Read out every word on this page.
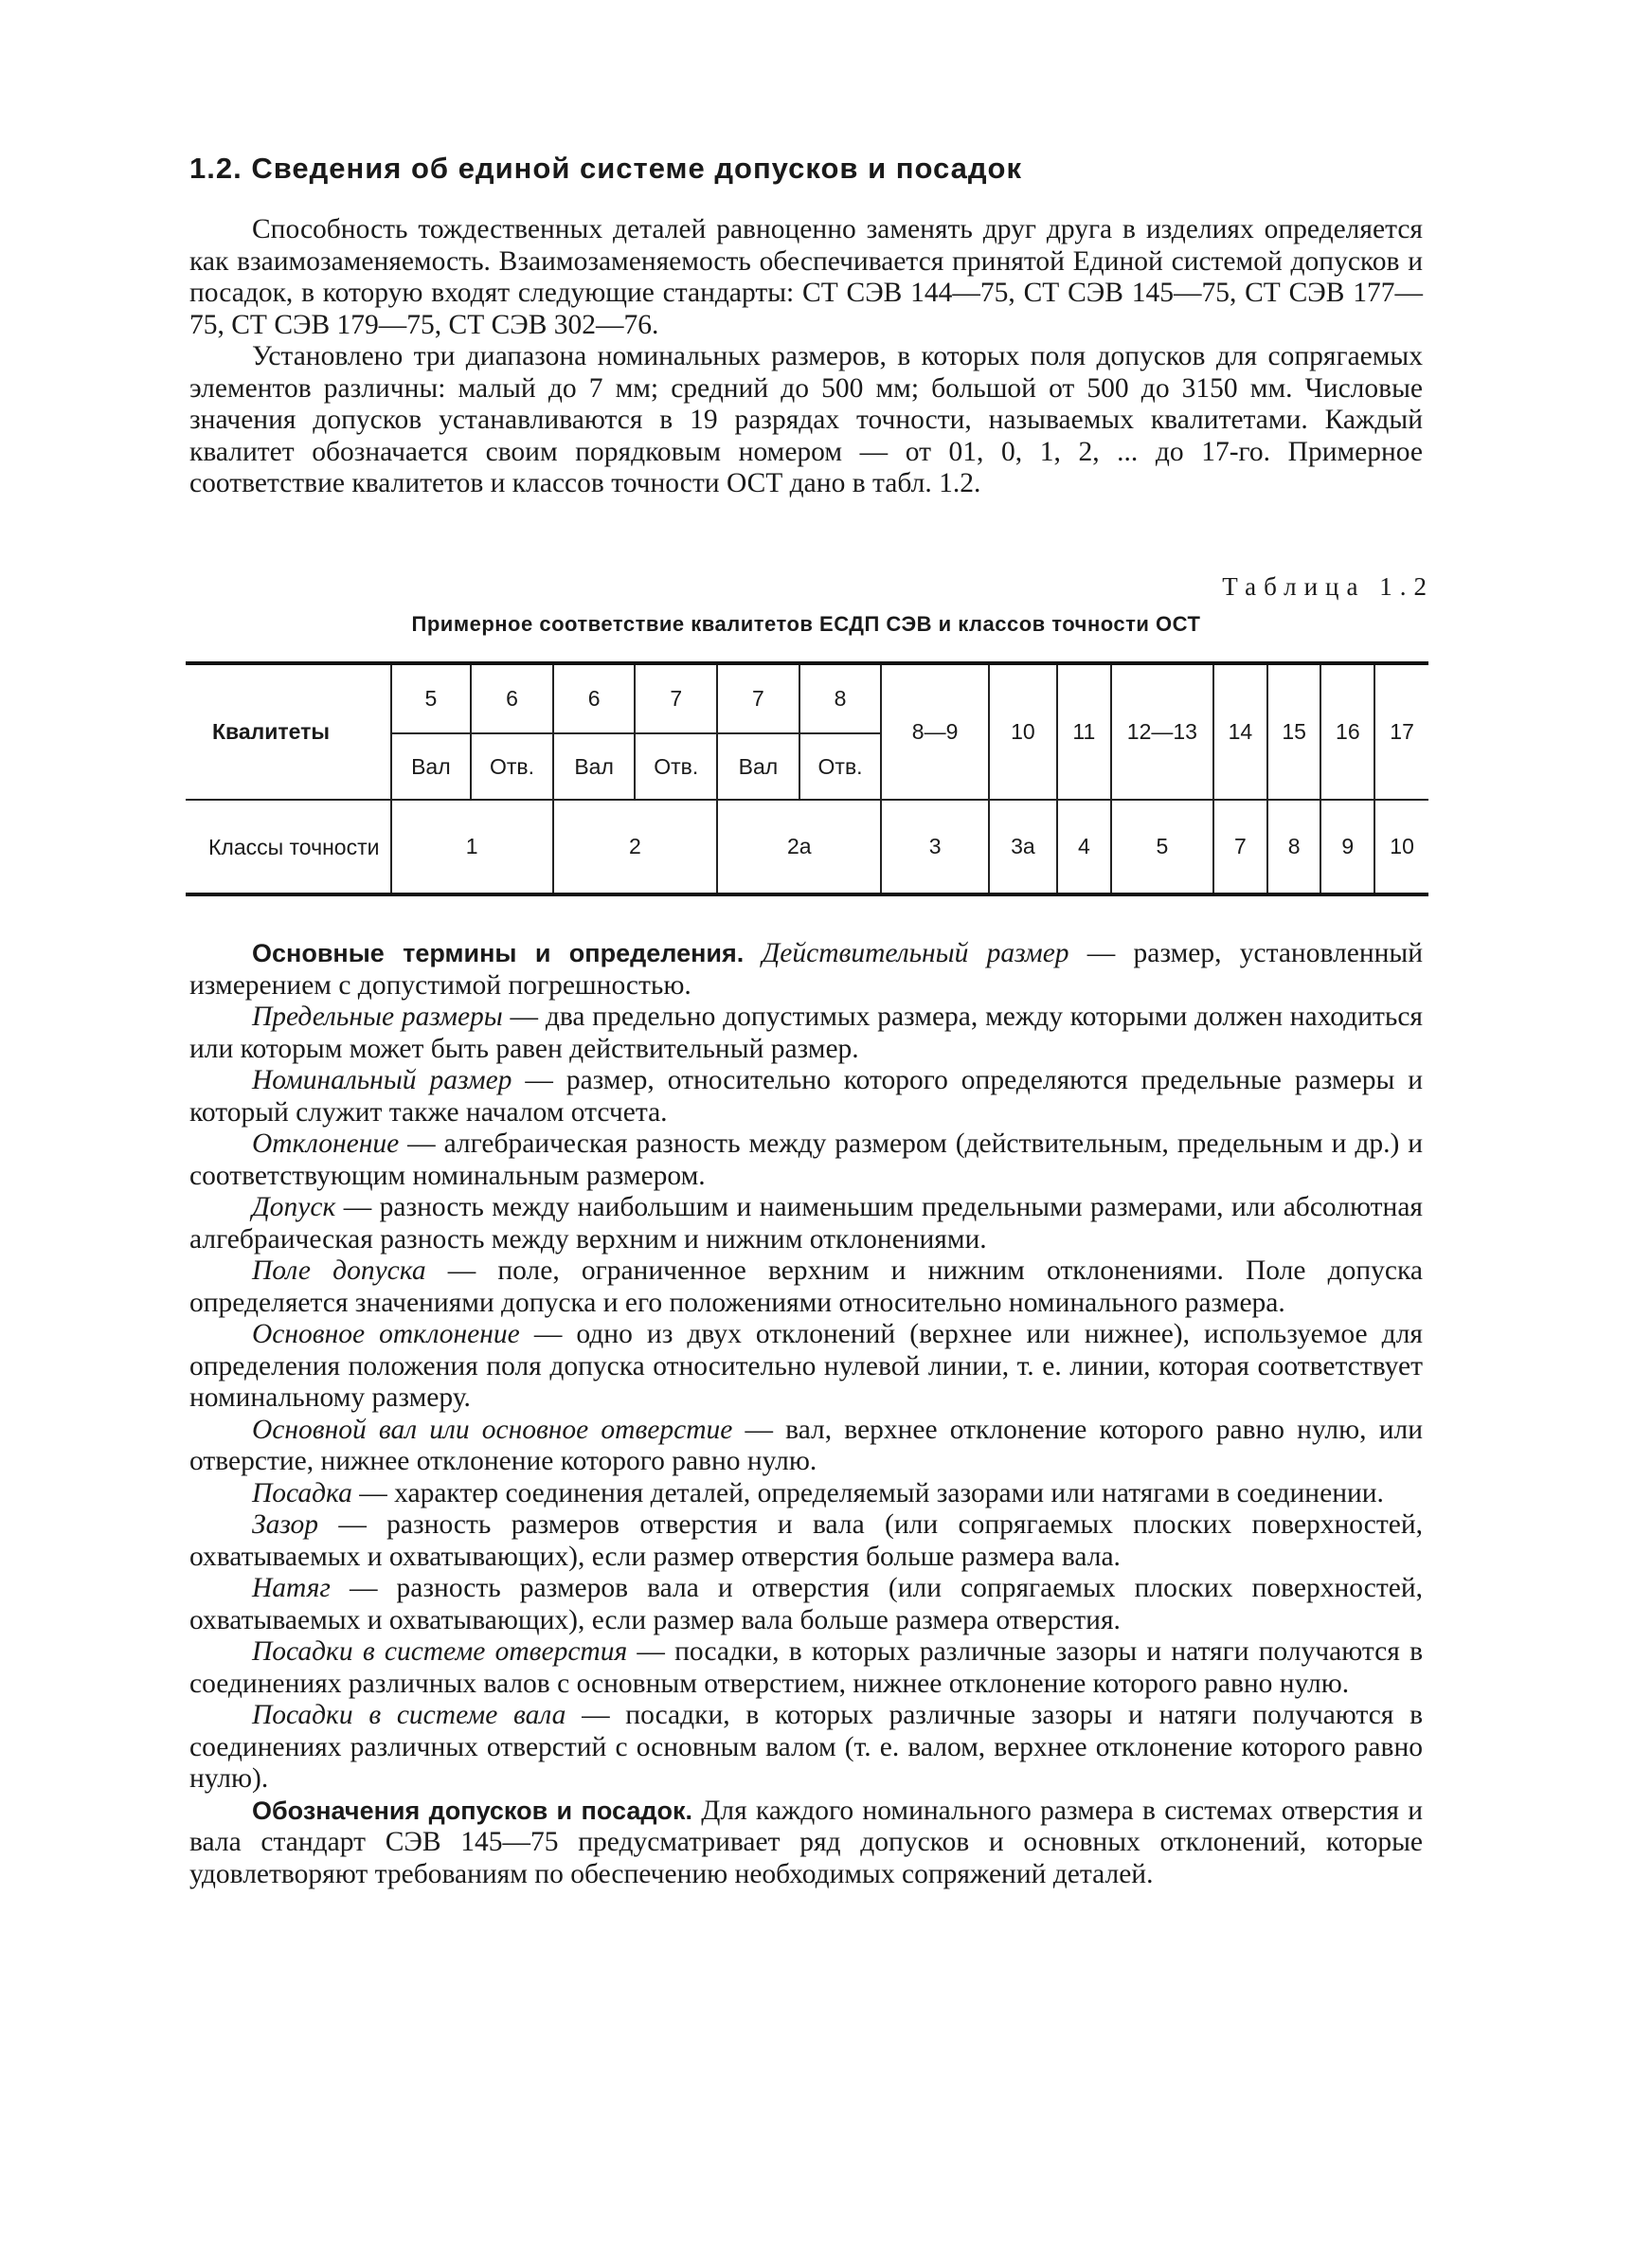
1.2. Сведения об единой системе допусков и посадок

Способность тождественных деталей равноценно заменять друг друга в изделиях определяется как взаимозаменяемость. Взаимозаменяемость обеспечивается принятой Единой системой допусков и посадок, в которую входят следующие стандарты: СТ СЭВ 144—75, СТ СЭВ 145—75, СТ СЭВ 177—75, СТ СЭВ 179—75, СТ СЭВ 302—76.

Установлено три диапазона номинальных размеров, в которых поля допусков для сопрягаемых элементов различны: малый до 7 мм; средний до 500 мм; большой от 500 до 3150 мм. Числовые значения допусков устанавливаются в 19 разрядах точности, называемых квалитетами. Каждый квалитет обозначается своим порядковым номером — от 01, 0, 1, 2, ... до 17-го. Примерное соответствие квалитетов и классов точности ОСТ дано в табл. 1.2.

Таблица 1.2
Примерное соответствие квалитетов ЕСДП СЭВ и классов точности ОСТ
Квалитеты	5	6	6	7	7	8	8—9	10	11	12—13	14	15	16	17
	Вал	Отв.	Вал	Отв.	Вал	Отв.								
Классы точности	1		2		2а		3	3а	4	5	7	8	9	10

Основные термины и определения. Действительный размер — размер, установленный измерением с допустимой погрешностью.

Предельные размеры — два предельно допустимых размера, между которыми должен находиться или которым может быть равен действительный размер.

Номинальный размер — размер, относительно которого определяются предельные размеры и который служит также началом отсчета.

Отклонение — алгебраическая разность между размером (действительным, предельным и др.) и соответствующим номинальным размером.

Допуск — разность между наибольшим и наименьшим предельными размерами, или абсолютная алгебраическая разность между верхним и нижним отклонениями.

Поле допуска — поле, ограниченное верхним и нижним отклонениями. Поле допуска определяется значениями допуска и его положениями относительно номинального размера.

Основное отклонение — одно из двух отклонений (верхнее или нижнее), используемое для определения положения поля допуска относительно нулевой линии, т. е. линии, которая соответствует номинальному размеру.

Основной вал или основное отверстие — вал, верхнее отклонение которого равно нулю, или отверстие, нижнее отклонение которого равно нулю.

Посадка — характер соединения деталей, определяемый зазорами или натягами в соединении.

Зазор — разность размеров отверстия и вала (или сопрягаемых плоских поверхностей, охватываемых и охватывающих), если размер отверстия больше размера вала.

Натяг — разность размеров вала и отверстия (или сопрягаемых плоских поверхностей, охватываемых и охватывающих), если размер вала больше размера отверстия.

Посадки в системе отверстия — посадки, в которых различные зазоры и натяги получаются в соединениях различных валов с основным отверстием, нижнее отклонение которого равно нулю.

Посадки в системе вала — посадки, в которых различные зазоры и натяги получаются в соединениях различных отверстий с основным валом (т. е. валом, верхнее отклонение которого равно нулю).

Обозначения допусков и посадок. Для каждого номинального размера в системах отверстия и вала стандарт СЭВ 145—75 предусматривает ряд допусков и основных отклонений, которые удовлетворяют требованиям по обеспечению необходимых сопряжений деталей.
